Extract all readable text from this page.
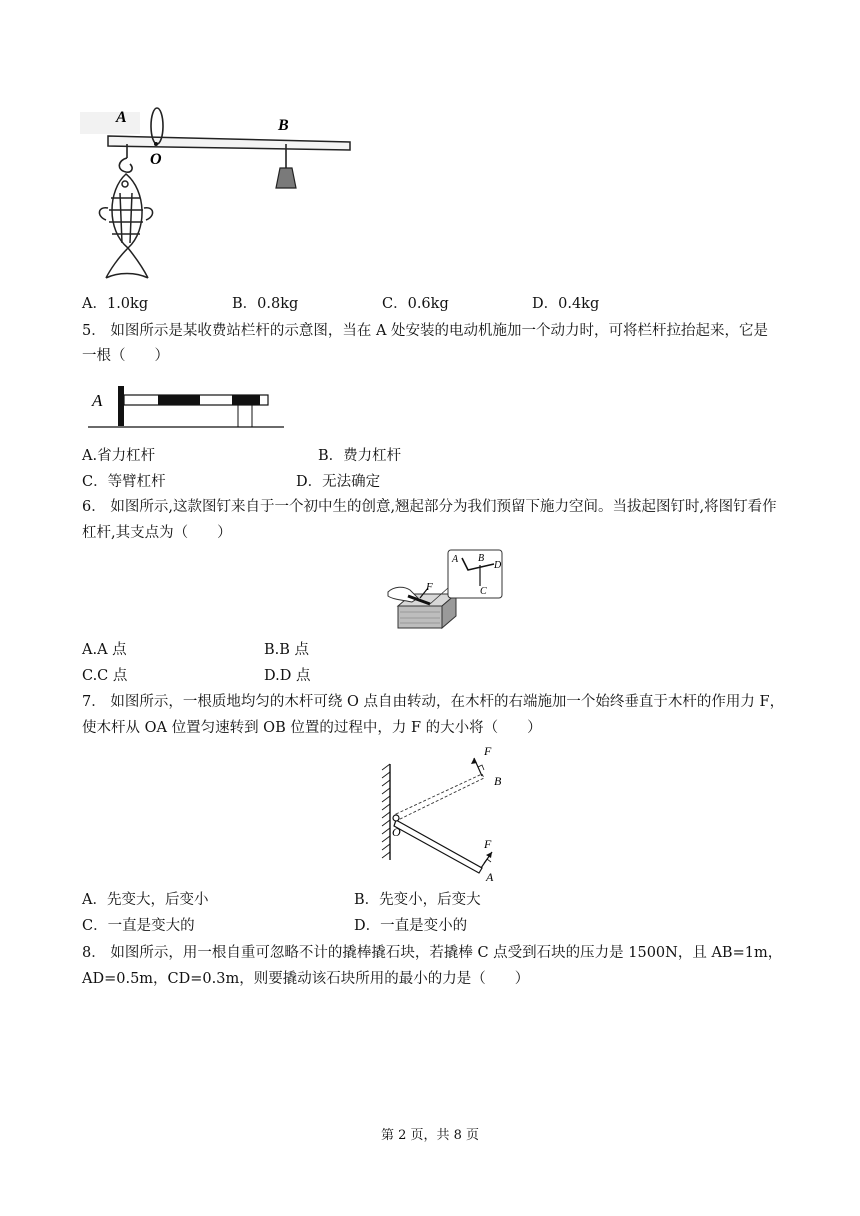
A
O
B
A．1.0kg	B．0.8kg	C．0.6kg	D．0.4kg
5． 如图所示是某收费站栏杆的示意图，当在 A 处安装的电动机施加一个动力时，可将栏杆拉抬起来，它是
一根（　　）
A
A.省力杠杆	B．费力杠杆
C．等臂杠杆	D．无法确定
6． 如图所示,这款图钉来自于一个初中生的创意,翘起部分为我们预留下施力空间。当拔起图钉时,将图钉看作
杠杆,其支点为（　　）
F
A B
D
C
A.A 点	B.B 点
C.C 点	D.D 点
7． 如图所示，一根质地均匀的木杆可绕 O 点自由转动，在木杆的右端施加一个始终垂直于木杆的作用力 F，
使木杆从 OA 位置匀速转到 OB 位置的过程中，力 F 的大小将（　　）
F
B
O
F
A
A．先变大，后变小	B．先变小，后变大
C．一直是变大的	D．一直是变小的
8． 如图所示，用一根自重可忽略不计的撬棒撬石块，若撬棒 C 点受到石块的压力是 1500N，且 AB=1m，
AD=0.5m，CD=0.3m，则要撬动该石块所用的最小的力是（　　）
第 2 页，共 8 页
